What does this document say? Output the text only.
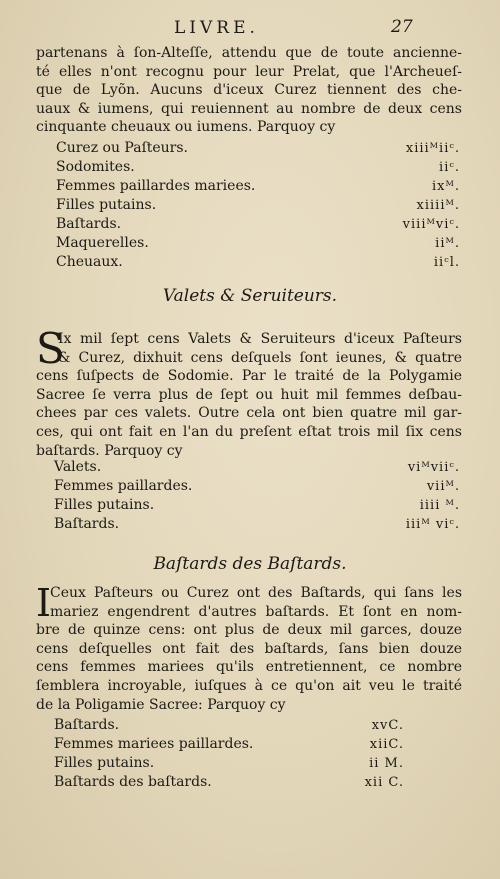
LIVRE.	27
partenans à ſon-Alteſſe, attendu que de toute ancienne-
té elles n'ont recognu pour leur Prelat, que l'Archeueſ-
que de Lyõn. Aucuns d'iceux Curez tiennent des che-
uaux & iumens, qui reuiennent au nombre de deux cens
cinquante cheuaux ou iumens. Parquoy cy
Curez ou Paſteurs.	xiiiᴹiiᶜ.
Sodomites.	iiᶜ.
Femmes paillardes mariees.	ixᴹ.
Filles putains.	xiiiiᴹ.
Baſtards.	viiiᴹviᶜ.
Maquerelles.	iiᴹ.
Cheuaux.	iiᶜl.
Valets & Seruiteurs.
S
Ix mil ſept cens Valets & Seruiteurs d'iceux Paſteurs
& Curez, dixhuit cens deſquels ſont ieunes, & quatre
cens ſuſpects de Sodomie. Par le traité de la Polygamie
Sacree ſe verra plus de ſept ou huit mil femmes deſbau-
chees par ces valets. Outre cela ont bien quatre mil gar-
ces, qui ont fait en l'an du preſent eſtat trois mil ſix cens
baſtards. Parquoy cy
Valets.	viᴹviiᶜ.
Femmes paillardes.	viiᴹ.
Filles putains.	iiii ᴹ.
Baſtards.	iiiᴹ viᶜ.
Baſtards des Baſtards.
I
Ceux Paſteurs ou Curez ont des Baſtards, qui ſans les
mariez engendrent d'autres baſtards. Et ſont en nom-
bre de quinze cens: ont plus de deux mil garces, douze
cens deſquelles ont fait des baſtards, ſans bien douze
cens femmes mariees qu'ils entretiennent, ce nombre
ſemblera incroyable, iuſques à ce qu'on ait veu le traité
de la Poligamie Sacree: Parquoy cy
Baſtards.	xvC.
Femmes mariees paillardes.	xiiC.
Filles putains.	ii M.
Baſtards des baſtards.	xii C.
